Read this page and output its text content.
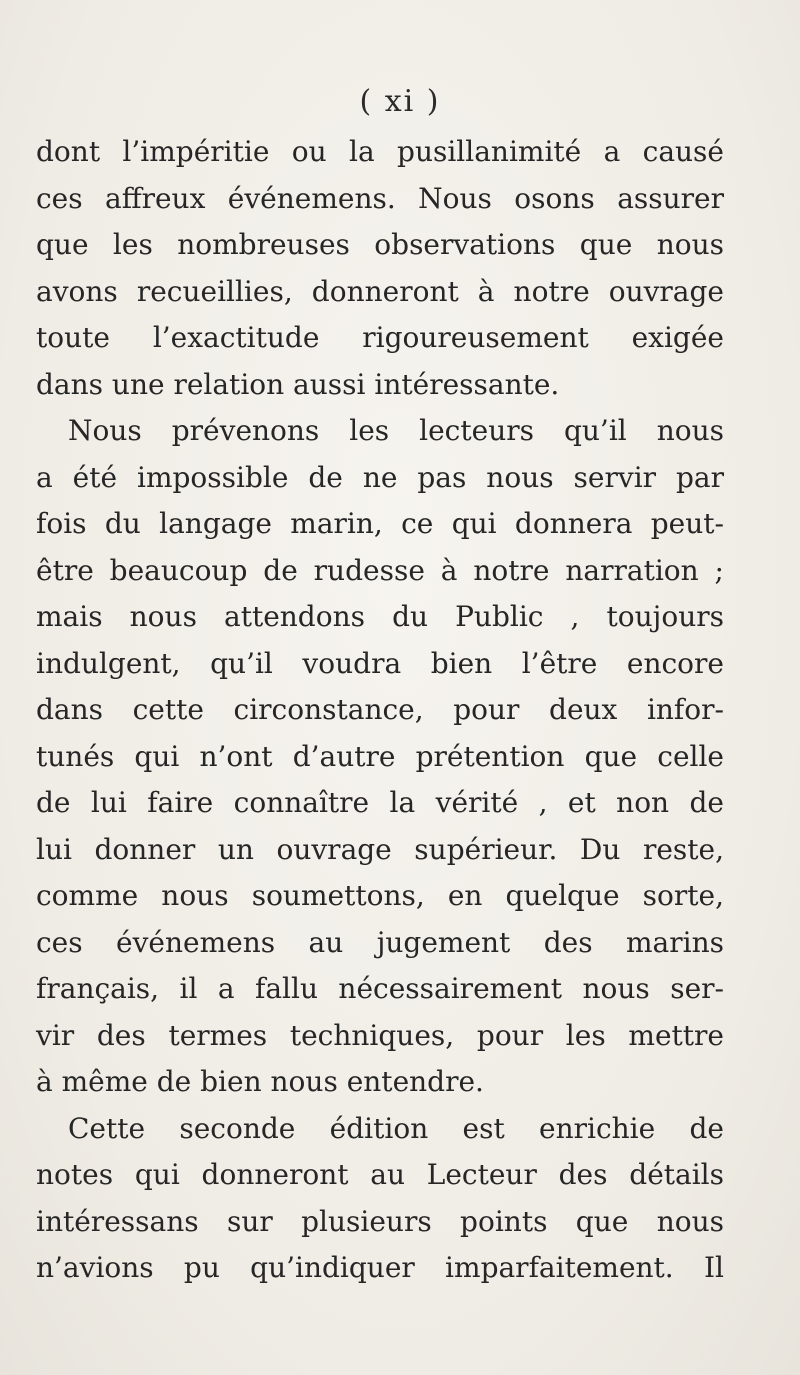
( xi )
dont l’impéritie ou la pusillanimité a causé
ces affreux événemens. Nous osons assurer
que les nombreuses observations que nous
avons recueillies, donneront à notre ouvrage
toute l’exactitude rigoureusement exigée
dans une relation aussi intéressante.
Nous prévenons les lecteurs qu’il nous
a été impossible de ne pas nous servir par
fois du langage marin, ce qui donnera peut-
être beaucoup de rudesse à notre narration ;
mais nous attendons du Public , toujours
indulgent, qu’il voudra bien l’être encore
dans cette circonstance, pour deux infor-
tunés qui n’ont d’autre prétention que celle
de lui faire connaître la vérité , et non de
lui donner un ouvrage supérieur. Du reste,
comme nous soumettons, en quelque sorte,
ces événemens au jugement des marins
français, il a fallu nécessairement nous ser-
vir des termes techniques, pour les mettre
à même de bien nous entendre.
Cette seconde édition est enrichie de
notes qui donneront au Lecteur des détails
intéressans sur plusieurs points que nous
n’avions pu qu’indiquer imparfaitement. Il
